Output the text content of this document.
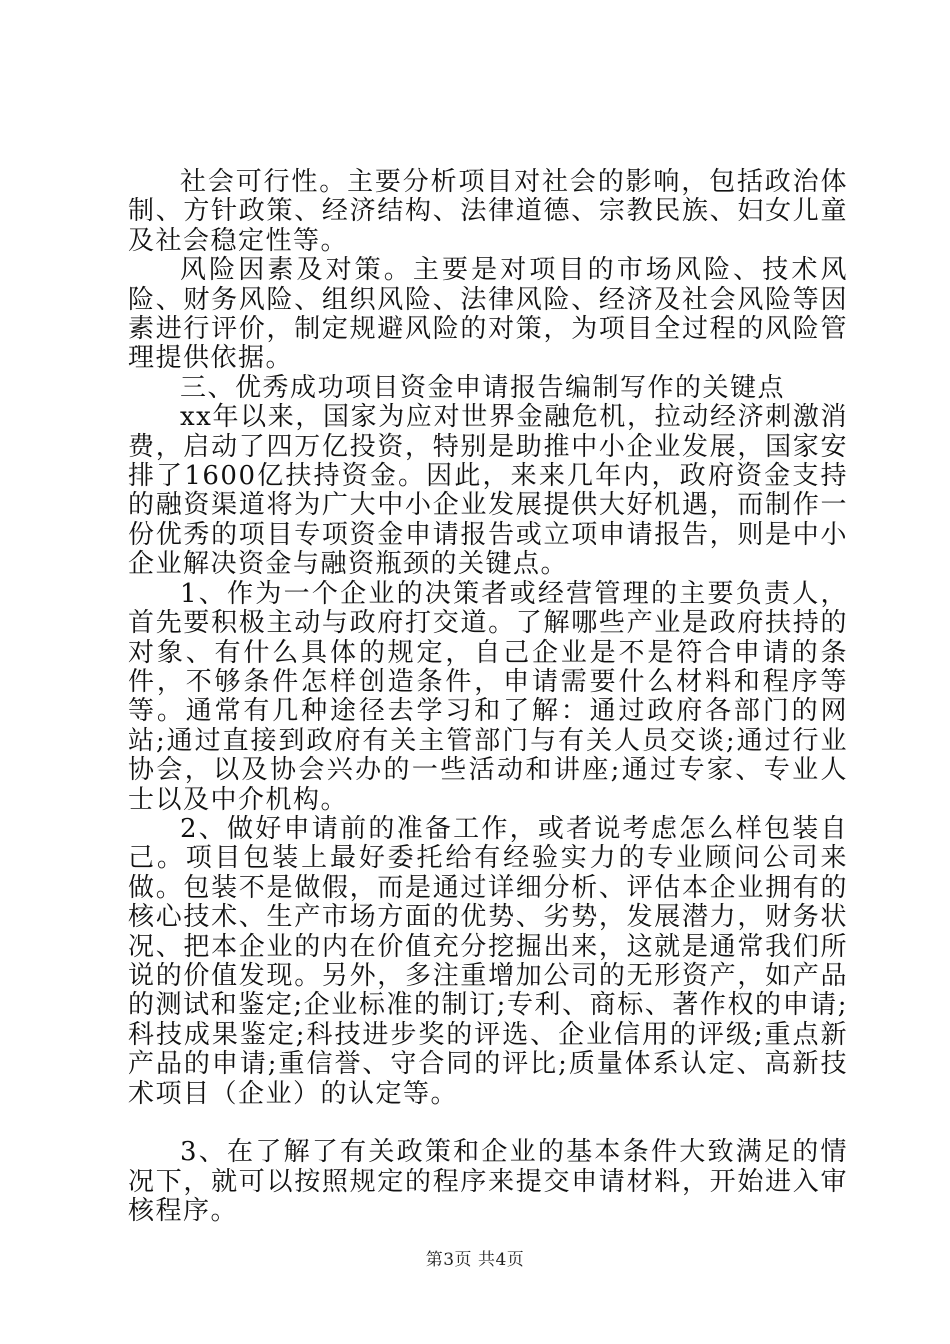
社会可行性。主要分析项目对社会的影响，包括政治体制、方针政策、经济结构、法律道德、宗教民族、妇女儿童及社会稳定性等。

风险因素及对策。主要是对项目的市场风险、技术风险、财务风险、组织风险、法律风险、经济及社会风险等因素进行评价，制定规避风险的对策，为项目全过程的风险管理提供依据。

三、优秀成功项目资金申请报告编制写作的关键点

xx年以来，国家为应对世界金融危机，拉动经济刺激消费，启动了四万亿投资，特别是助推中小企业发展，国家安排了1600亿扶持资金。因此，来来几年内，政府资金支持的融资渠道将为广大中小企业发展提供大好机遇，而制作一份优秀的项目专项资金申请报告或立项申请报告，则是中小企业解决资金与融资瓶颈的关键点。

1、作为一个企业的决策者或经营管理的主要负责人，首先要积极主动与政府打交道。了解哪些产业是政府扶持的对象、有什么具体的规定，自己企业是不是符合申请的条件，不够条件怎样创造条件，申请需要什么材料和程序等等。通常有几种途径去学习和了解：通过政府各部门的网站;通过直接到政府有关主管部门与有关人员交谈;通过行业协会，以及协会兴办的一些活动和讲座;通过专家、专业人士以及中介机构。

2、做好申请前的准备工作，或者说考虑怎么样包装自己。项目包装上最好委托给有经验实力的专业顾问公司来做。包装不是做假，而是通过详细分析、评估本企业拥有的核心技术、生产市场方面的优势、劣势，发展潜力，财务状况、把本企业的内在价值充分挖掘出来，这就是通常我们所说的价值发现。另外，多注重增加公司的无形资产，如产品的测试和鉴定;企业标准的制订;专利、商标、著作权的申请;科技成果鉴定;科技进步奖的评选、企业信用的评级;重点新产品的申请;重信誉、守合同的评比;质量体系认定、高新技术项目（企业）的认定等。

3、在了解了有关政策和企业的基本条件大致满足的情况下，就可以按照规定的程序来提交申请材料，开始进入审核程序。

第3页 共4页
